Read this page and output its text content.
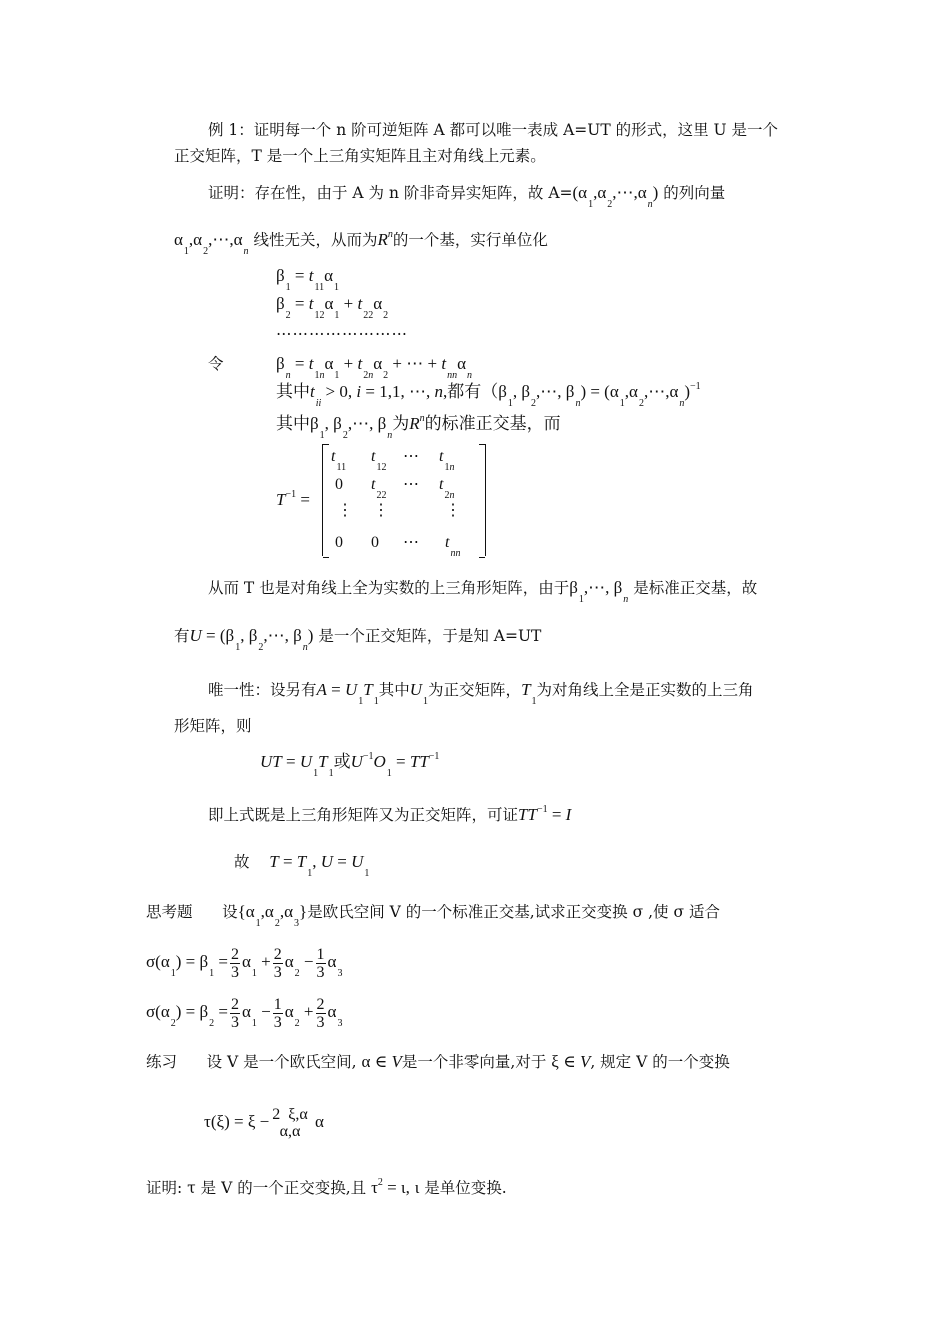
例 1：证明每一个 n 阶可逆矩阵 A 都可以唯一表成 A=UT 的形式，这里 U 是一个
正交矩阵，T 是一个上三角实矩阵且主对角线上元素。
证明：存在性，由于 A 为 n 阶非奇异实矩阵，故 $A=(\alpha_1,\alpha_2,\cdots,\alpha_n)$ 的列向量
$\alpha_1,\alpha_2,\cdots,\alpha_n$ 线性无关，从而为$R^n$的一个基，实行单位化
$\beta_1 = t_{11}\alpha_1$
$\beta_2 = t_{12}\alpha_1 + t_{22}\alpha_2$
……………………
令	$\beta_n = t_{1n}\alpha_1 + t_{2n}\alpha_2$ + ⋯ + $t_{nn}\alpha_n$
其中$t_{ii} > 0$, i = 1,1, ⋯, n,都有（$\beta_1$, $\beta_2,\cdots$, $\beta_n$) = $(\alpha_1,\alpha_2,\cdots,\alpha_n)^{-1}$
其中$\beta_1$, $\beta_2,\cdots$, $\beta_n$为$R^n$的标准正交基，而
$T^{-1}$ =
$t_{11}$
$t_{12}$
⋯ $t_{1n}$
0 $t_{22}$
⋯ $t_{2n}$
⋮ ⋮	⋮
0 0 ⋯ $t_{nn}$
从而 T 也是对角线上全为实数的上三角形矩阵，由于$\beta_1,\cdots$, $\beta_n$ 是标准正交基，故
有$U = (\beta_1$, $\beta_2,\cdots$, $\beta_n$) 是一个正交矩阵，于是知 A=UT
唯一性：设另有$A = U_1T_1$其中$U_1$为正交矩阵，$T_1$为对角线上全是正实数的上三角
形矩阵，则
UT = $U_1T_1$或$U^{-1}O_1 = TT^{-1}$
即上式既是上三角形矩阵又为正交矩阵，可证$TT^{-1} = I$
故 $T = T_1$, $U = U_1$
思考题 设$\{\alpha_1,\alpha_2,\alpha_3\}$是欧氏空间 V 的一个标准正交基,试求正交变换 σ ,使 σ 适合
$\sigma(\alpha_1) = \beta_1 = \frac{2}{3} \alpha_1 + \frac{2}{3} \alpha_2 - \frac{1}{3} \alpha_3$
$\sigma(\alpha_2) = \beta_2 = \frac{2}{3} \alpha_1 - \frac{1}{3} \alpha_2 + \frac{2}{3} \alpha_3$
练习 设 V 是一个欧氏空间, α ∈ V是一个非零向量,对于 ξ ∈ V, 规定 V 的一个变换
τ(ξ) = ξ − 2  ξ,α
α,α
α
证明: τ 是 V 的一个正交变换,且 $\tau^2 = \iota$, ι 是单位变换.
